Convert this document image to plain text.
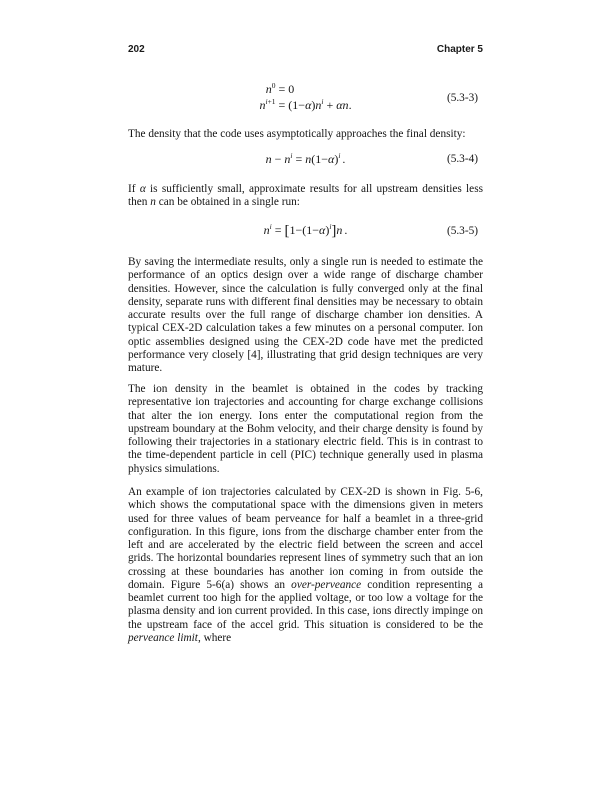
202	Chapter 5
$n^0 = 0$
$n^{i+1} = (1-\alpha)n^i + \alpha n$.	(5.3-3)
The density that the code uses asymptotically approaches the final density:
$n - n^i = n(1-\alpha)^i$ .	(5.3-4)
If α is sufficiently small, approximate results for all upstream densities less then n can be obtained in a single run:
$n^i = [1-(1-\alpha)^i]n$ .	(5.3-5)
By saving the intermediate results, only a single run is needed to estimate the performance of an optics design over a wide range of discharge chamber densities. However, since the calculation is fully converged only at the final density, separate runs with different final densities may be necessary to obtain accurate results over the full range of discharge chamber ion densities. A typical CEX-2D calculation takes a few minutes on a personal computer. Ion optic assemblies designed using the CEX-2D code have met the predicted performance very closely [4], illustrating that grid design techniques are very mature.
The ion density in the beamlet is obtained in the codes by tracking representative ion trajectories and accounting for charge exchange collisions that alter the ion energy. Ions enter the computational region from the upstream boundary at the Bohm velocity, and their charge density is found by following their trajectories in a stationary electric field. This is in contrast to the time-dependent particle in cell (PIC) technique generally used in plasma physics simulations.
An example of ion trajectories calculated by CEX-2D is shown in Fig. 5-6, which shows the computational space with the dimensions given in meters used for three values of beam perveance for half a beamlet in a three-grid configuration. In this figure, ions from the discharge chamber enter from the left and are accelerated by the electric field between the screen and accel grids. The horizontal boundaries represent lines of symmetry such that an ion crossing at these boundaries has another ion coming in from outside the domain. Figure 5-6(a) shows an over-perveance condition representing a beamlet current too high for the applied voltage, or too low a voltage for the plasma density and ion current provided. In this case, ions directly impinge on the upstream face of the accel grid. This situation is considered to be the perveance limit, where
